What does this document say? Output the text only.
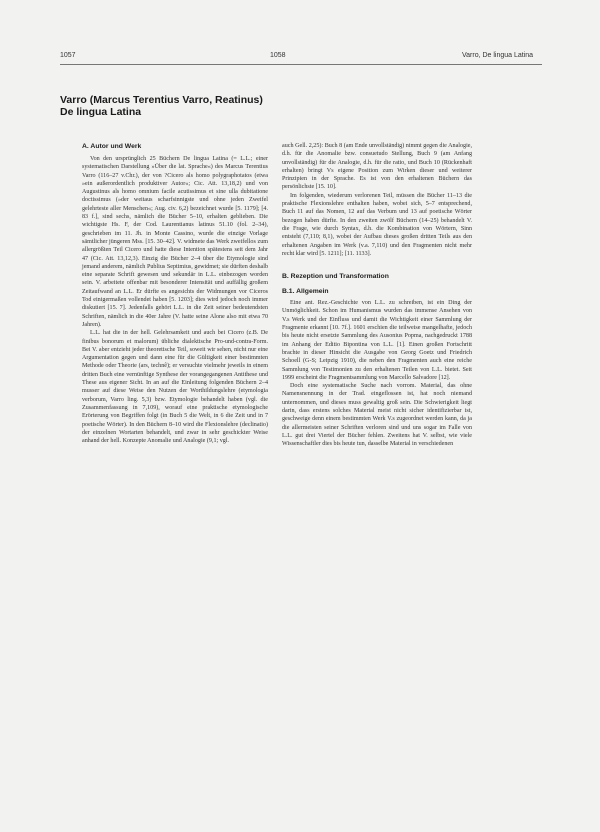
1057	1058	Varro, De lingua Latina
Varro (Marcus Terentius Varro, Reatinus)
De lingua Latina

A. Autor und Werk

Von den ursprünglich 25 Büchern De lingua Latina (= L.L.; einer systematischen Darstellung »Über die lat. Sprache«) des Marcus Terentius Varro (116–27 v.Chr.), der von ?Cicero als homo polygraphotatos (etwa »ein außerordentlich produktiver Autor«; Cic. Att. 13,18,2) und von Augustinus als homo omnium facile acutissimus et sine ulla dubitatione doctissimus (»der weitaus scharfsinnigste und ohne jeden Zweifel gelehrteste aller Menschen«; Aug. civ. 6,2) bezeichnet wurde [5. 1179]; [4. 83 f.], sind sechs, nämlich die Bücher 5–10, erhalten geblieben. Die wichtigste Hs. F, der Cod. Laurentianus latinus 51.10 (fol. 2–34), geschrieben im 11. Jh. in Monte Cassino, wurde die einzige Vorlage sämtlicher jüngeren Mss. [15. 30–42]. V. widmete das Werk zweifellos zum allergrößten Teil Cicero und hatte diese Intention spätestens seit dem Jahr 47 (Cic. Att. 13,12,3). Einzig die Bücher 2–4 über die Etymologie sind jemand anderem, nämlich Publius Septimius, gewidmet; sie dürften deshalb eine separate Schrift gewesen und sekundär in L.L. einbezogen worden sein. V. arbeitete offenbar mit besonderer Intensität und auffällig großem Zeitaufwand an L.L. Er dürfte es angesichts der Widmungen vor Ciceros Tod einigermaßen vollendet haben [5. 1203]; dies wird jedoch noch immer diskutiert [15. 7]. Jedenfalls gehört L.L. in die Zeit seiner bedeutendsten Schriften, nämlich in die 40er Jahre (V. hatte seine Alone also mit etwa 70 Jahren).

L.L. hat die in der hell. Gelehrsamkeit und auch bei Cicero (z.B. De finibus bonorum et malorum) übliche dialektische Pro-und-contra-Form. Bei V. aber entzieht jeder theoretische Teil, soweit wir sehen, nicht nur eine Argumentation gegen und dann eine für die Gültigkeit einer bestimmten Methode oder Theorie (ars, technê); er versuchte vielmehr jeweils in einem dritten Buch eine vernünftige Synthese der vorangegangenen Antithese und These aus eigener Sicht. In an auf die Einleitung folgenden Büchern 2–4 musser auf diese Weise den Nutzen der Worthildungslehre (etymologia verborum, Varro ling. 5,3) bzw. Etymologie behandelt haben (vgl. die Zusammenfassung in 7,109), worauf eine praktische etymologische Erörterung von Begriffen folgt (in Buch 5 die Welt, in 6 die Zeit und in 7 poetische Wörter). In den Büchern 8–10 wird die Flexionslehre (declinatio) der einzelnen Wortarten behandelt, und zwar in sehr geschickter Weise anhand der hell. Konzepte Anomalie und Analogie (9,1; vgl.

auch Gell. 2,25): Buch 8 (am Ende unvollständig) nimmt gegen die Analogie, d.h. für die Anomalie bzw. consuetudo Stellung, Buch 9 (am Anfang unvollständig) für die Analogie, d.h. für die ratio, und Buch 10 (Rückenhaft erhalten) bringt Vs eigene Position zum Wirken dieser und weiterer Prinzipien in der Sprache. Es ist von den erhaltenen Büchern das persönlichste [15. 10].

Im folgenden, wiederum verlorenen Teil, müssen die Bücher 11–13 die praktische Flexionslehre enthalten haben, wobei sich, 5–7 entsprechend, Buch 11 auf das Nomen, 12 auf das Verbum und 13 auf poetische Wörter bezogen haben dürfte. In den zweiten zwölf Büchern (14–25) behandelt V. die Frage, wie durch Syntax, d.h. die Kombination von Wörtern, Sinn entsteht (7,110; 8,1), wobei der Aufbau dieses großen dritten Teils aus den erhaltenen Angaben im Werk (v.a. 7,110) und den Fragmenten nicht mehr recht klar wird [5. 1211]; [11. 1133].

B. Rezeption und Transformation

B.1. Allgemein

Eine ant. Rez.-Geschichte von L.L. zu schreiben, ist ein Ding der Unmöglichkeit. Schon im Humanismus wurden das immense Ansehen von V.s Werk und der Einfluss und damit die Wichtigkeit einer Sammlung der Fragmente erkannt [10. 7f.]. 1601 erschien die teilweise mangelhafte, jedoch bis heute nicht ersetzte Sammlung des Ausonius Popma, nachgedruckt 1788 im Anhang der Editio Bipontina von L.L. [1]. Einen großen Fortschritt brachte in dieser Hinsicht die Ausgabe von Georg Goetz und Friedrich Schoell (G-S; Leipzig 1910), die neben den Fragmenten auch eine reiche Sammlung von Testimonien zu den erhaltenen Teilen von L.L. bietet. Seit 1999 erscheint die Fragmentsammlung von Marcello Salvadore [12].

Doch eine systematische Suche nach vorrom. Material, das ohne Namensnennung in der Trad. eingeflossen ist, hat noch niemand unternommen, und dieses muss gewaltig groß sein. Die Schwierigkeit liegt darin, dass erstens solches Material meist nicht sicher identifizierbar ist, geschweige denn einem bestimmten Werk V.s zugeordnet werden kann, da ja die allermeisten seiner Schriften verloren sind und uns sogar im Falle von L.L. gut drei Viertel der Bücher fehlen. Zweitens hat V. selbst, wie viele Wissenschaftler dies bis heute tun, dasselbe Material in verschiedenen
